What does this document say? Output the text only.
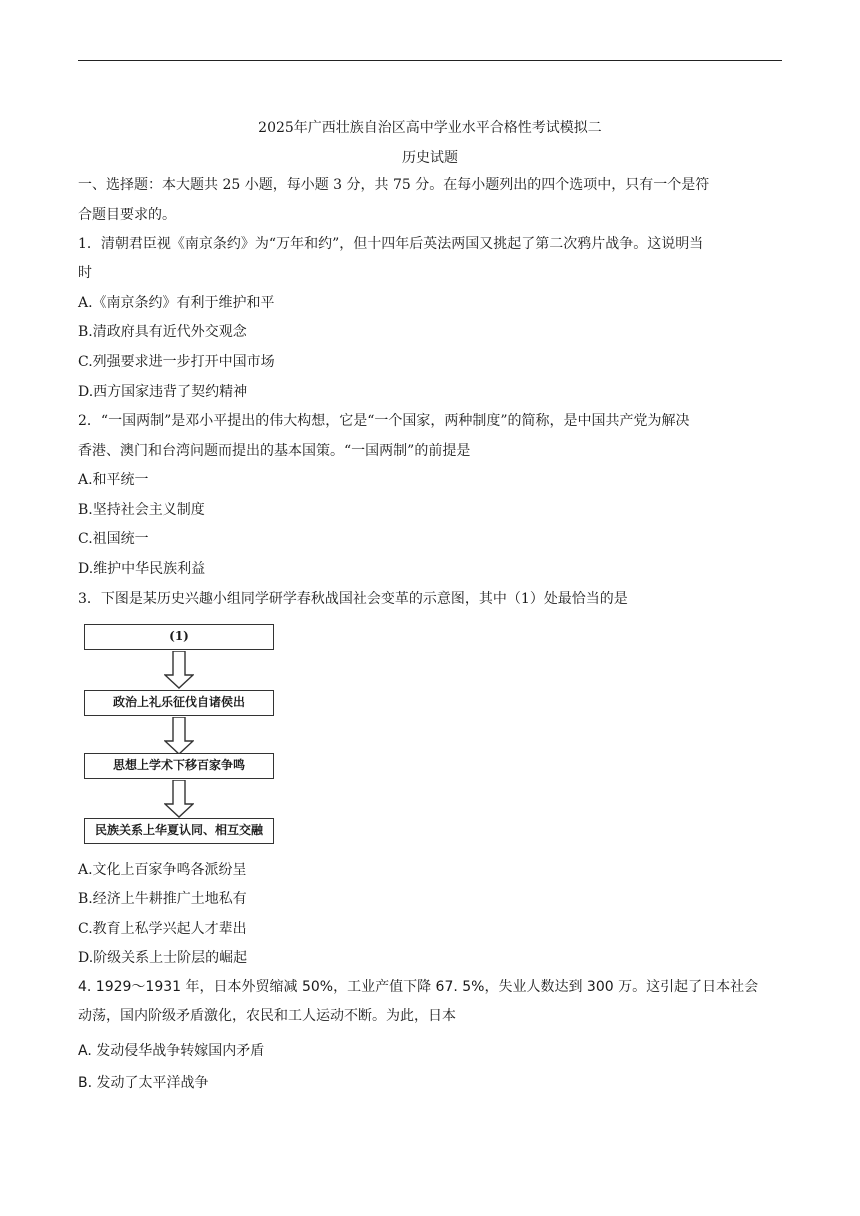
2025年广西壮族自治区高中学业水平合格性考试模拟二
历史试题
一、选择题：本大题共 25 小题，每小题 3 分，共 75 分。在每小题列出的四个选项中，只有一个是符
合题目要求的。
1．清朝君臣视《南京条约》为“万年和约”，但十四年后英法两国又挑起了第二次鸦片战争。这说明当
时
A.《南京条约》有利于维护和平
B.清政府具有近代外交观念
C.列强要求进一步打开中国市场
D.西方国家违背了契约精神
2．“一国两制”是邓小平提出的伟大构想，它是“一个国家，两种制度”的简称，是中国共产党为解决
香港、澳门和台湾问题而提出的基本国策。“一国两制”的前提是
A.和平统一
B.坚持社会主义制度
C.祖国统一
D.维护中华民族利益
3．下图是某历史兴趣小组同学研学春秋战国社会变革的示意图，其中（1）处最恰当的是
(1)
政治上礼乐征伐自诸侯出
思想上学术下移百家争鸣
民族关系上华夏认同、相互交融
A.文化上百家争鸣各派纷呈
B.经济上牛耕推广土地私有
C.教育上私学兴起人才辈出
D.阶级关系上士阶层的崛起
4. 1929～1931 年，日本外贸缩减 50%，工业产值下降 67. 5%，失业人数达到 300 万。这引起了日本社会
动荡，国内阶级矛盾激化，农民和工人运动不断。为此，日本
A. 发动侵华战争转嫁国内矛盾
B. 发动了太平洋战争
